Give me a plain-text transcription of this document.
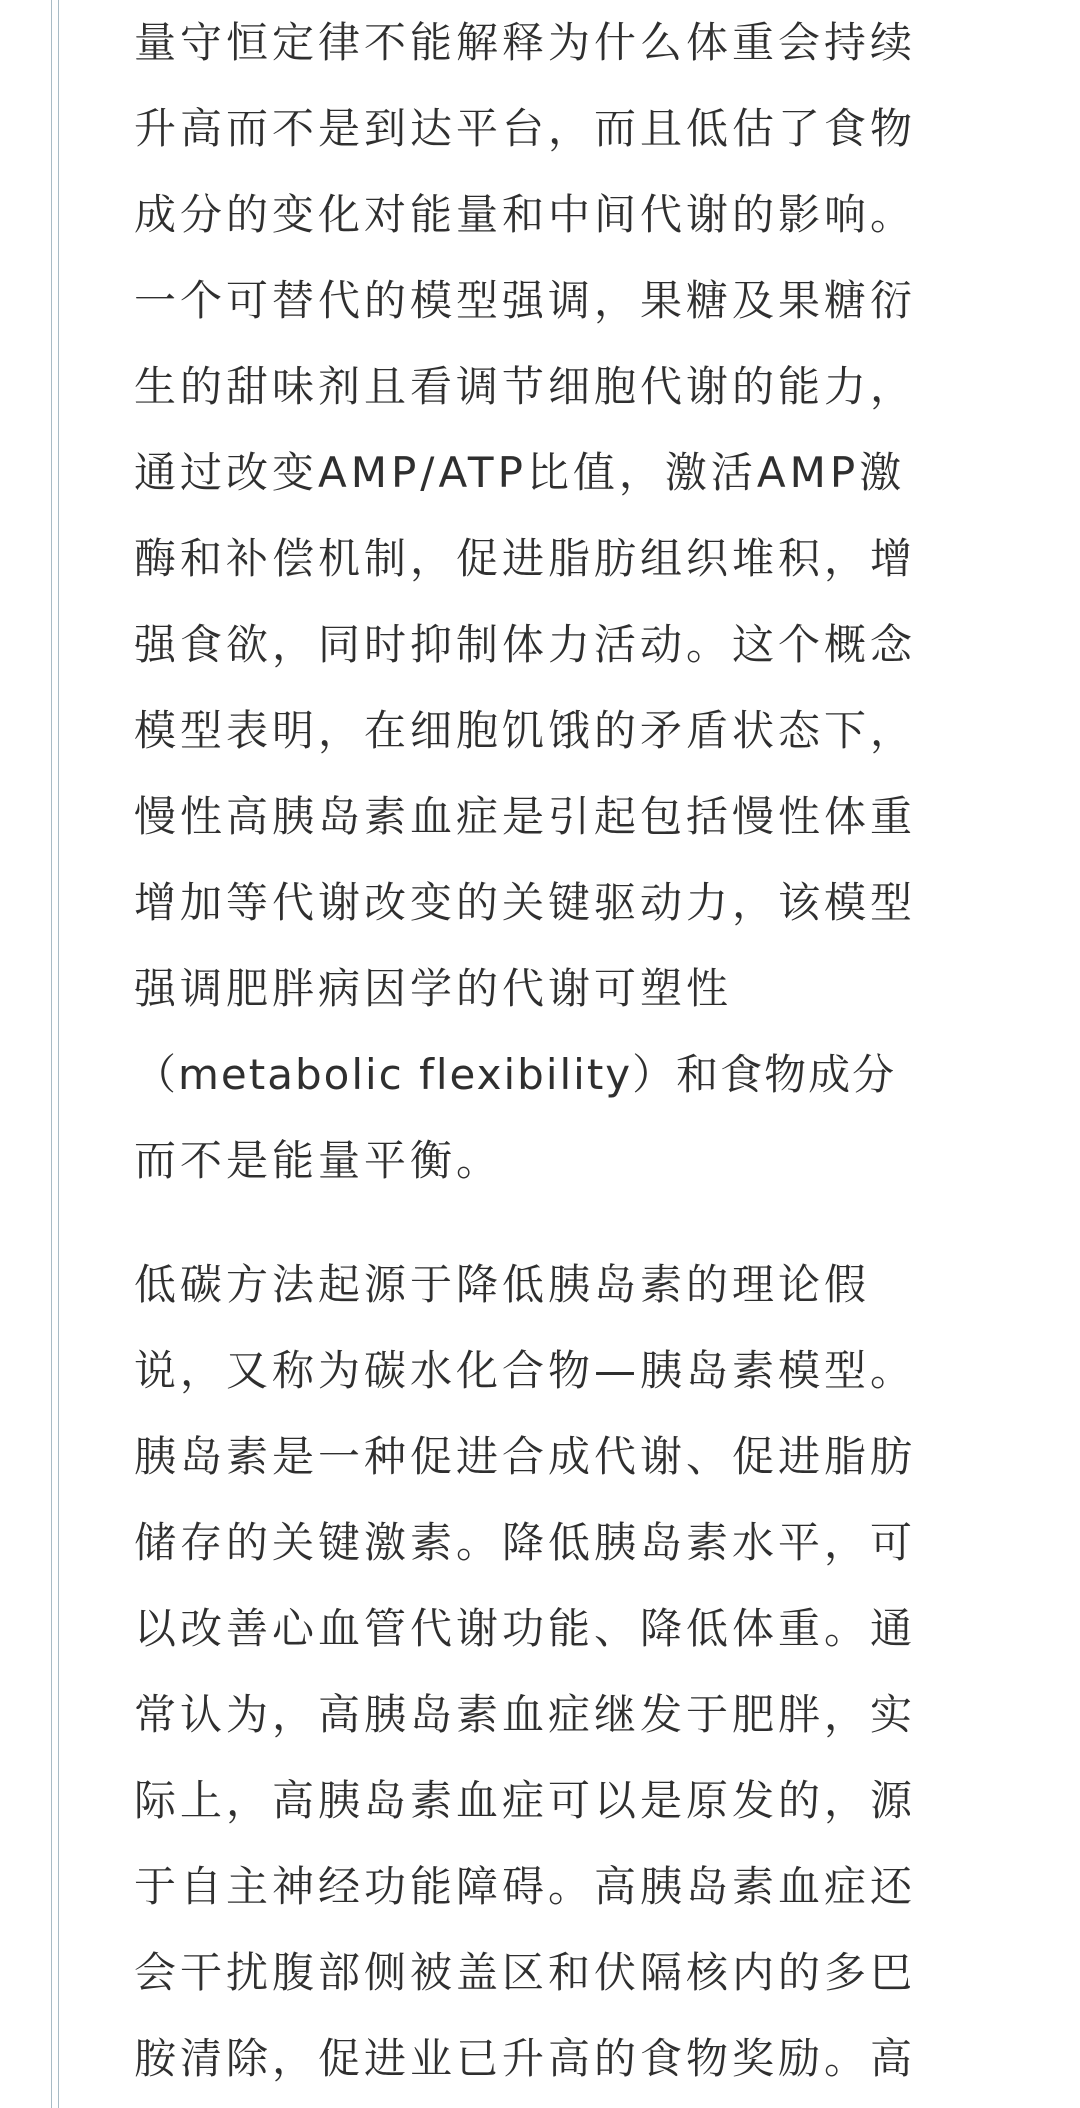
量守恒定律不能解释为什么体重会持续
升高而不是到达平台，而且低估了食物
成分的变化对能量和中间代谢的影响。
一个可替代的模型强调，果糖及果糖衍
生的甜味剂且看调节细胞代谢的能力，
通过改变AMP/ATP比值，激活AMP激
酶和补偿机制，促进脂肪组织堆积，增
强食欲，同时抑制体力活动。这个概念
模型表明，在细胞饥饿的矛盾状态下，
慢性高胰岛素血症是引起包括慢性体重
增加等代谢改变的关键驱动力，该模型
强调肥胖病因学的代谢可塑性
（metabolic flexibility）和食物成分
而不是能量平衡。
低碳方法起源于降低胰岛素的理论假
说，又称为碳水化合物—胰岛素模型。
胰岛素是一种促进合成代谢、促进脂肪
储存的关键激素。降低胰岛素水平，可
以改善心血管代谢功能、降低体重。通
常认为，高胰岛素血症继发于肥胖，实
际上，高胰岛素血症可以是原发的，源
于自主神经功能障碍。高胰岛素血症还
会干扰腹部侧被盖区和伏隔核内的多巴
胺清除，促进业已升高的食物奖励。高
